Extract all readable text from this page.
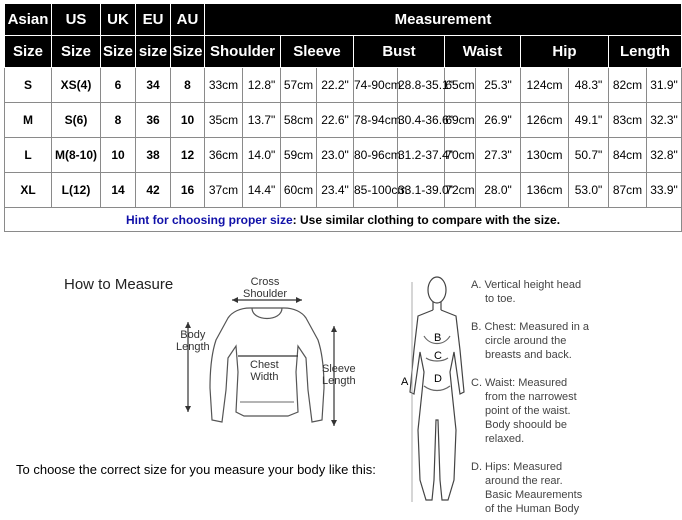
Asian	US	UK	EU	AU	Measurement											
Size	Size	Size	size	Size	Shoulder		Sleeve		Bust		Waist		Hip		Length	
S	XS(4)	6	34	8	33cm	12.8"	57cm	22.2"	74-90cm	28.8-35.1"	65cm	25.3"	124cm	48.3"	82cm	31.9"
M	S(6)	8	36	10	35cm	13.7"	58cm	22.6"	78-94cm	30.4-36.6"	69cm	26.9"	126cm	49.1"	83cm	32.3"
L	M(8-10)	10	38	12	36cm	14.0"	59cm	23.0"	80-96cm	31.2-37.4"	70cm	27.3"	130cm	50.7"	84cm	32.8"
XL	L(12)	14	42	16	37cm	14.4"	60cm	23.4"	85-100cm	33.1-39.0"	72cm	28.0"	136cm	53.0"	87cm	33.9"
Hint for choosing proper size: Use similar clothing to compare with the size.																
How to Measure	Cross
Shoulder
Body
Length
Chest
Width
Sleeve
Length
To choose the correct size for you measure your body like this:
A
B
C
D
A. Vertical height head
to toe.
B. Chest: Measured in a
circle around the
breasts and back.
C. Waist: Measured
from the narrowest
point of the waist.
Body shoould be
relaxed.
D. Hips: Measured
around the rear.
Basic Meaurements
of the Human Body
